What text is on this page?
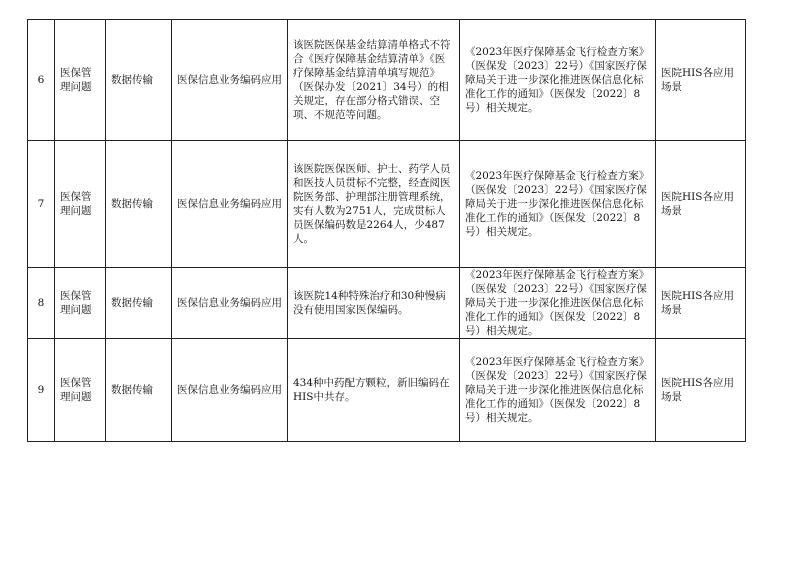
6	医保管理问题	数据传输	医保信息业务编码应用	该医院医保基金结算清单格式不符合《医疗保障基金结算清单》《医疗保障基金结算清单填写规范》（医保办发〔2021〕34号）的相关规定，存在部分格式错误、空项、不规范等问题。	《2023年医疗保障基金飞行检查方案》（医保发〔2023〕22号）《国家医疗保障局关于进一步深化推进医保信息化标准化工作的通知》（医保发〔2022〕8号）相关规定。	医院HIS各应用场景
7	医保管理问题	数据传输	医保信息业务编码应用	该医院医保医师、护士、药学人员和医技人员贯标不完整，经查阅医院医务部、护理部注册管理系统，实有人数为2751人，完成贯标人员医保编码数是2264人，少487人。	《2023年医疗保障基金飞行检查方案》（医保发〔2023〕22号）《国家医疗保障局关于进一步深化推进医保信息化标准化工作的通知》（医保发〔2022〕8号）相关规定。	医院HIS各应用场景
8	医保管理问题	数据传输	医保信息业务编码应用	该医院14种特殊治疗和30种慢病没有使用国家医保编码。	《2023年医疗保障基金飞行检查方案》（医保发〔2023〕22号）《国家医疗保障局关于进一步深化推进医保信息化标准化工作的通知》（医保发〔2022〕8号）相关规定。	医院HIS各应用场景
9	医保管理问题	数据传输	医保信息业务编码应用	434种中药配方颗粒，新旧编码在HIS中共存。	《2023年医疗保障基金飞行检查方案》（医保发〔2023〕22号）《国家医疗保障局关于进一步深化推进医保信息化标准化工作的通知》（医保发〔2022〕8号）相关规定。	医院HIS各应用场景
